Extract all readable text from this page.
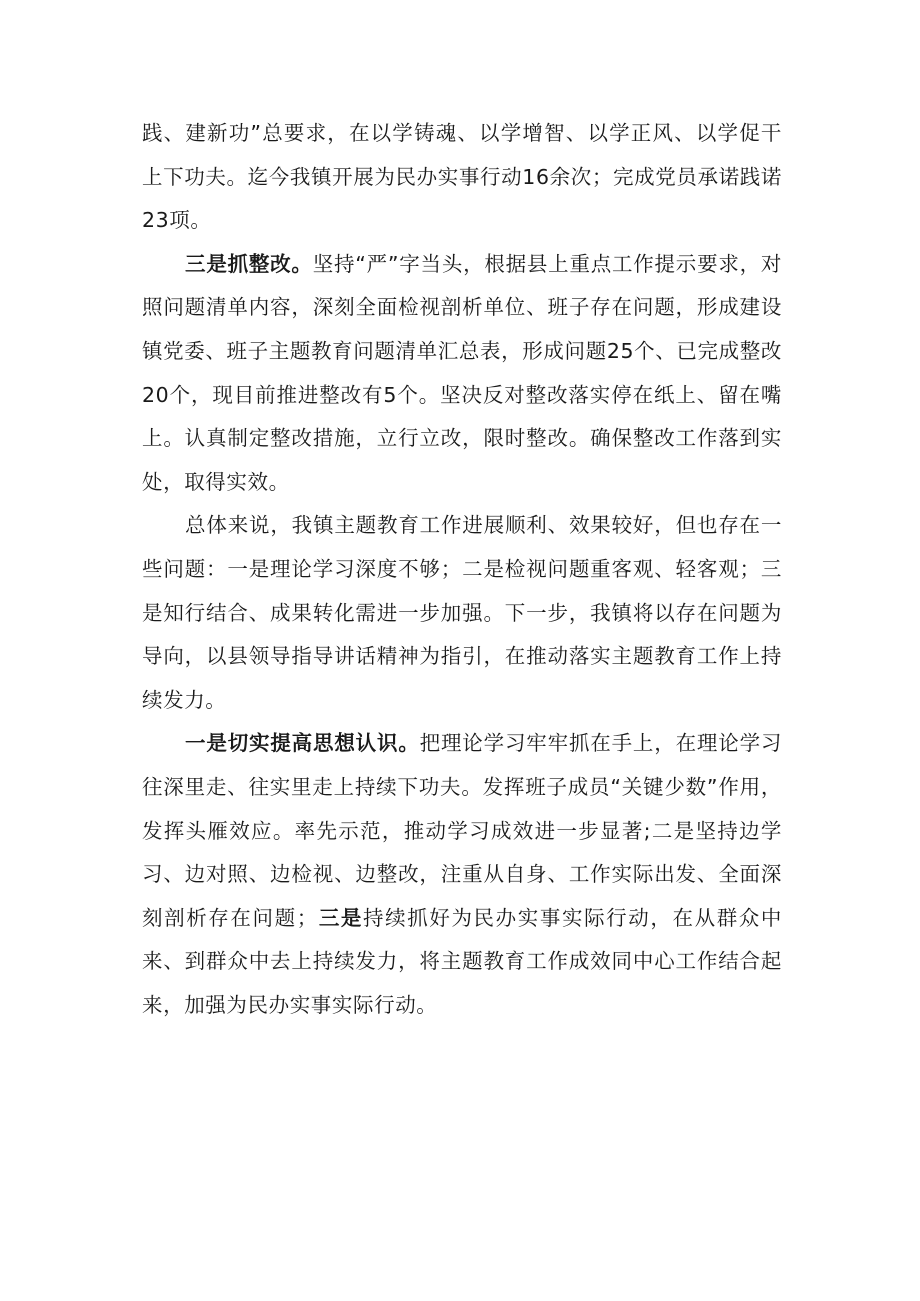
践、建新功”总要求，在以学铸魂、以学增智、以学正风、以学促干上下功夫。迄今我镇开展为民办实事行动16余次；完成党员承诺践诺23项。

三是抓整改。坚持“严”字当头，根据县上重点工作提示要求，对照问题清单内容，深刻全面检视剖析单位、班子存在问题，形成建设镇党委、班子主题教育问题清单汇总表，形成问题25个、已完成整改20个，现目前推进整改有5个。坚决反对整改落实停在纸上、留在嘴上。认真制定整改措施，立行立改，限时整改。确保整改工作落到实处，取得实效。

总体来说，我镇主题教育工作进展顺利、效果较好，但也存在一些问题：一是理论学习深度不够；二是检视问题重客观、轻客观；三是知行结合、成果转化需进一步加强。下一步，我镇将以存在问题为导向，以县领导指导讲话精神为指引，在推动落实主题教育工作上持续发力。

一是切实提高思想认识。把理论学习牢牢抓在手上，在理论学习往深里走、往实里走上持续下功夫。发挥班子成员“关键少数”作用，发挥头雁效应。率先示范，推动学习成效进一步显著;二是坚持边学习、边对照、边检视、边整改，注重从自身、工作实际出发、全面深刻剖析存在问题；三是持续抓好为民办实事实际行动，在从群众中来、到群众中去上持续发力，将主题教育工作成效同中心工作结合起来，加强为民办实事实际行动。
